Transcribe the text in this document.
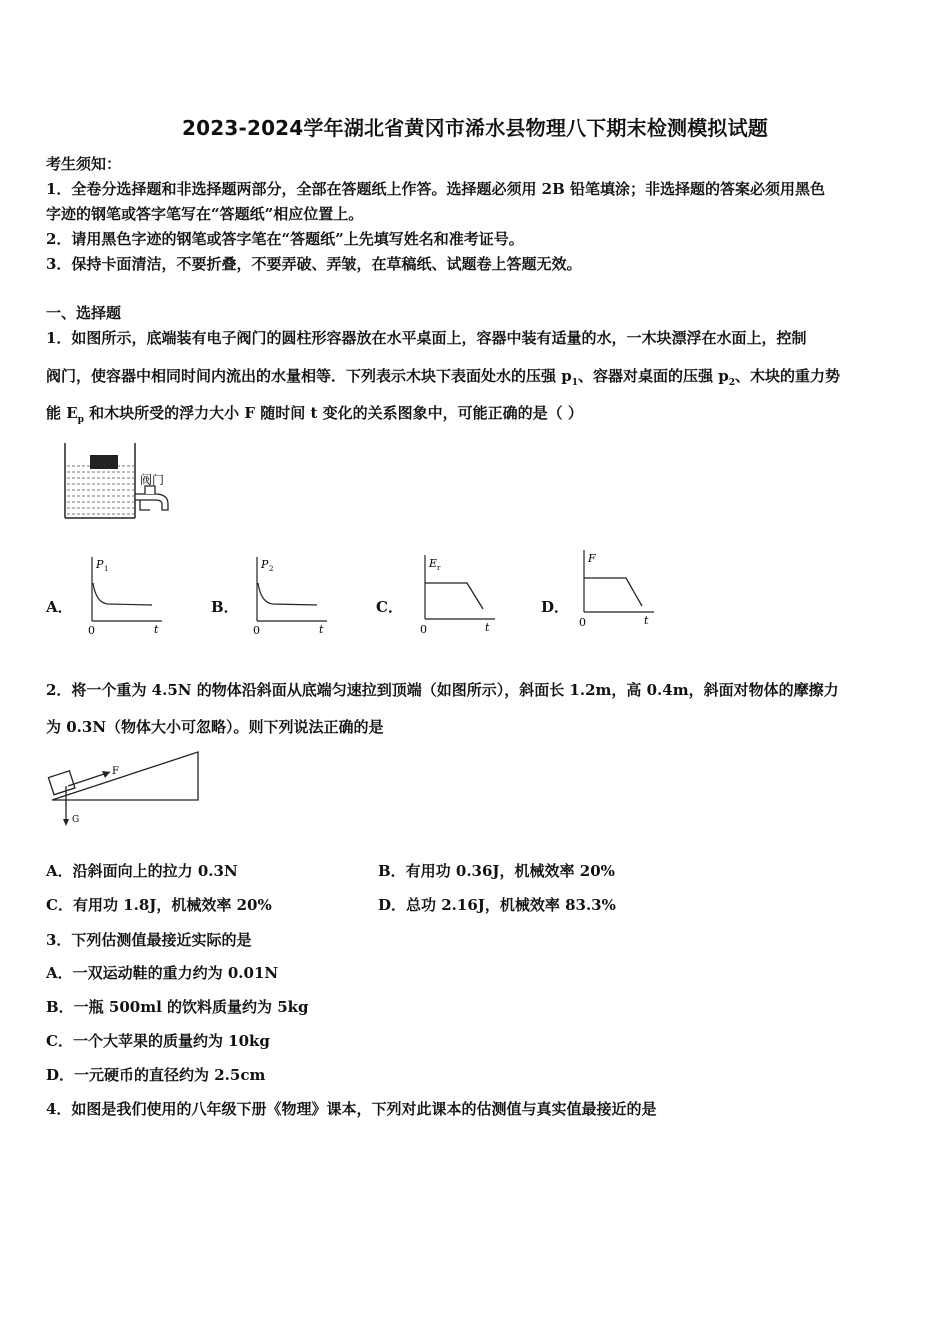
2023-2024学年湖北省黄冈市浠水县物理八下期末检测模拟试题
考生须知：
1．全卷分选择题和非选择题两部分，全部在答题纸上作答。选择题必须用 2B 铅笔填涂；非选择题的答案必须用黑色
字迹的钢笔或答字笔写在“答题纸”相应位置上。
2．请用黑色字迹的钢笔或答字笔在“答题纸”上先填写姓名和准考证号。
3．保持卡面清洁，不要折叠，不要弄破、弄皱，在草稿纸、试题卷上答题无效。
一、选择题
1．如图所示，底端装有电子阀门的圆柱形容器放在水平桌面上，容器中装有适量的水，一木块漂浮在水面上，控制
阀门，使容器中相同时间内流出的水量相等．下列表示木块下表面处水的压强 $p_1$、容器对桌面的压强 $p_2$、木块的重力势
能 $E_p$ 和木块所受的浮力大小 F 随时间 t 变化的关系图象中，可能正确的是（ ）
阀门
A．
P 1
0	t
B．
P 2
0	t
C．
E r
0	t
D．
F
0	t
2．将一个重为 4.5N 的物体沿斜面从底端匀速拉到顶端（如图所示），斜面长 1.2m，高 0.4m，斜面对物体的摩擦力
为 0.3N（物体大小可忽略）。则下列说法正确的是
F
G
A．沿斜面向上的拉力 0.3N	B．有用功 0.36J，机械效率 20%
C．有用功 1.8J，机械效率 20%	D．总功 2.16J，机械效率 83.3%
3．下列估测值最接近实际的是
A．一双运动鞋的重力约为 0.01N
B．一瓶 500ml 的饮料质量约为 5kg
C．一个大苹果的质量约为 10kg
D．一元硬币的直径约为 2.5cm
4．如图是我们使用的八年级下册《物理》课本，下列对此课本的估测值与真实值最接近的是
